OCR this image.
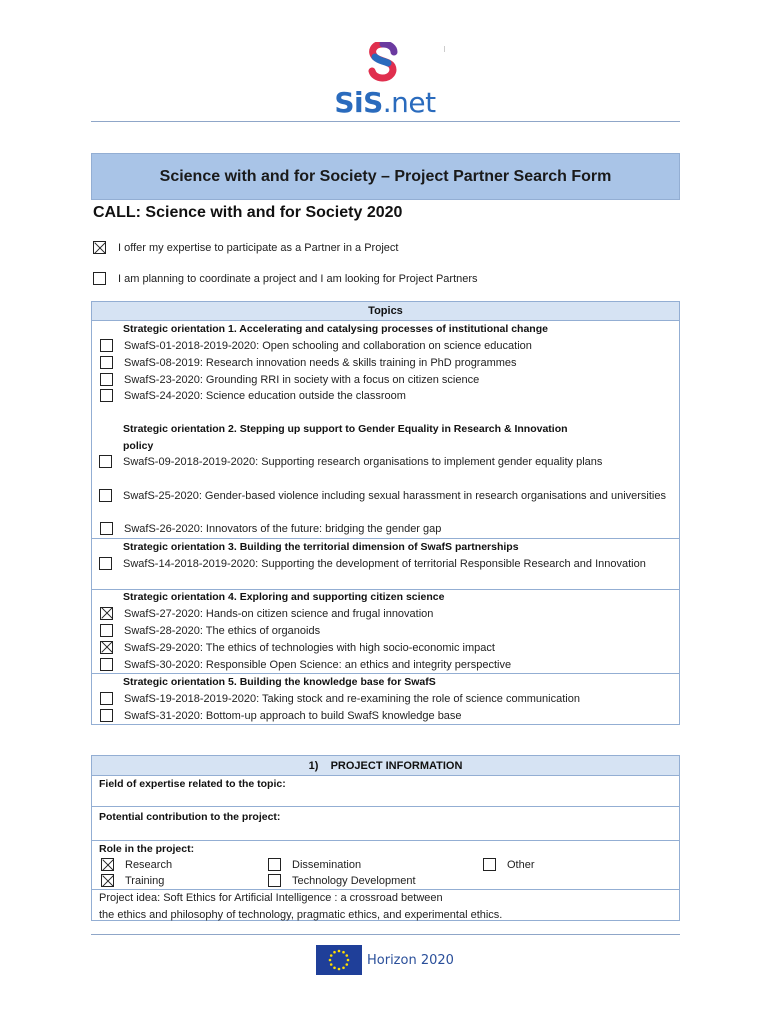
SiS.net
Science with and for Society – Project Partner Search Form
CALL: Science with and for Society 2020
I offer my expertise to participate as a Partner in a Project
I am planning to coordinate a project and I am looking for Project Partners
Topics
Strategic orientation 1. Accelerating and catalysing processes of institutional change
SwafS-01-2018-2019-2020: Open schooling and collaboration on science education
SwafS-08-2019: Research innovation needs & skills training in PhD programmes
SwafS-23-2020: Grounding RRI in society with a focus on citizen science
SwafS-24-2020: Science education outside the classroom
Strategic orientation 2. Stepping up support to Gender Equality in Research & Innovation
policy
SwafS-09-2018-2019-2020: Supporting research organisations to implement gender equality plans
SwafS-25-2020: Gender-based violence including sexual harassment in research organisations and universities
SwafS-26-2020: Innovators of the future: bridging the gender gap
Strategic orientation 3. Building the territorial dimension of SwafS partnerships
SwafS-14-2018-2019-2020: Supporting the development of territorial Responsible Research and Innovation
Strategic orientation 4. Exploring and supporting citizen science
SwafS-27-2020: Hands-on citizen science and frugal innovation
SwafS-28-2020: The ethics of organoids
SwafS-29-2020: The ethics of technologies with high socio-economic impact
SwafS-30-2020: Responsible Open Science: an ethics and integrity perspective
Strategic orientation 5. Building the knowledge base for SwafS
SwafS-19-2018-2019-2020: Taking stock and re-examining the role of science communication
SwafS-31-2020: Bottom-up approach to build SwafS knowledge base
1)    PROJECT INFORMATION
Field of expertise related to the topic:
Potential contribution to the project:
Role in the project:
Research
Training
Dissemination
Technology Development
Other
Project idea: Soft Ethics for Artificial Intelligence : a crossroad between
the ethics and philosophy of technology, pragmatic ethics, and experimental ethics.
Horizon 2020
